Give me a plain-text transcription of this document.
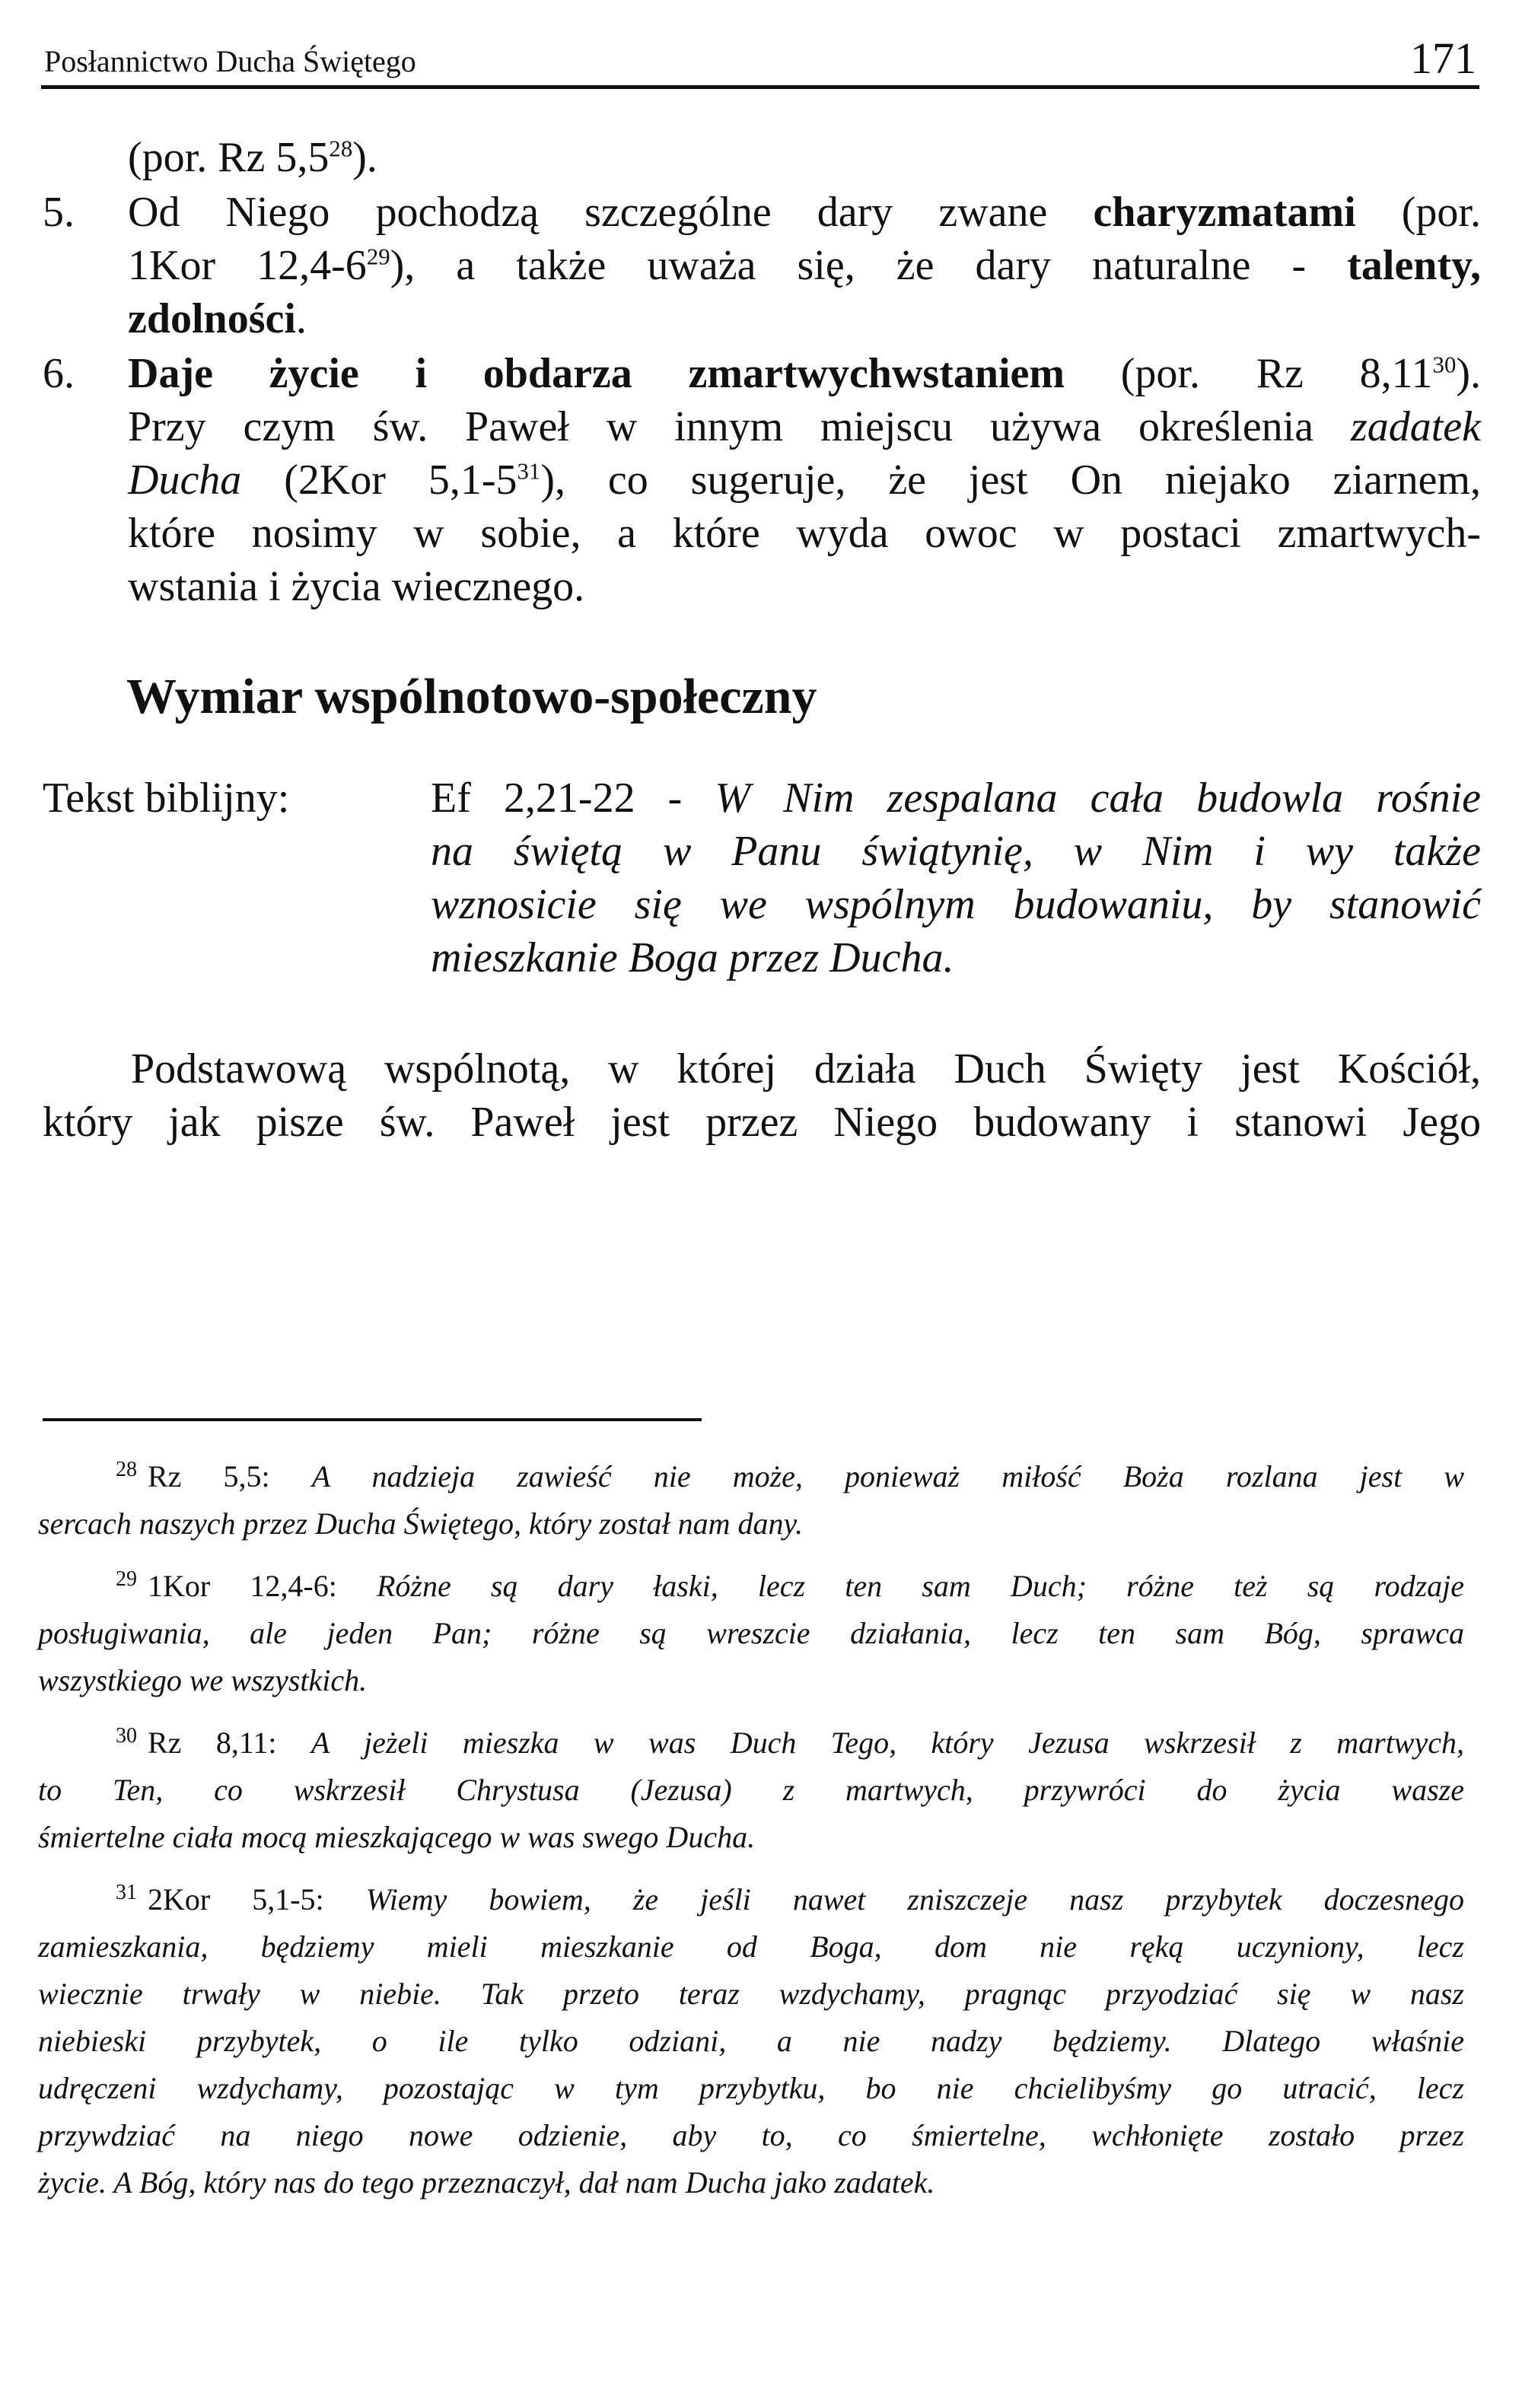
Posłannictwo Ducha Świętego	171
(por. Rz $5,5^{28}$).
5. Od Niego pochodzą szczególne dary zwane charyzmatami (por.
1Kor $12,4-6^{29}$), a także uważa się, że dary naturalne - talenty,
zdolności.
6. Daje życie i obdarza zmartwychwstaniem (por. Rz 8,11$^{30}$).
Przy czym św. Paweł w innym miejscu używa określenia zadatek
Ducha (2Kor $5,1-5^{31}$), co sugeruje, że jest On niejako ziarnem,
które nosimy w sobie, a które wyda owoc w postaci zmartwych-
wstania i życia wiecznego.
Wymiar wspólnotowo-społeczny
Tekst biblijny:	Ef 2,21-22 - W Nim zespalana cała budowla rośnie
na świętą w Panu świątynię, w Nim i wy także
wznosicie się we wspólnym budowaniu, by stanowić
mieszkanie Boga przez Ducha.

Podstawową wspólnotą, w której działa Duch Święty jest Kościół,

który jak pisze św. Paweł jest przez Niego budowany i stanowi Jego

$^{28}$ Rz 5,5: A nadzieja zawieść nie może, ponieważ miłość Boża rozlana jest w

sercach naszych przez Ducha Świętego, który został nam dany.

$^{29}$ 1Kor 12,4-6: Różne są dary łaski, lecz ten sam Duch; różne też są rodzaje

posługiwania, ale jeden Pan; różne są wreszcie działania, lecz ten sam Bóg, sprawca

wszystkiego we wszystkich.

$^{30}$ Rz 8,11: A jeżeli mieszka w was Duch Tego, który Jezusa wskrzesił z martwych,

to Ten, co wskrzesił Chrystusa (Jezusa) z martwych, przywróci do życia wasze

śmiertelne ciała mocą mieszkającego w was swego Ducha.

$^{31}$ 2Kor 5,1-5: Wiemy bowiem, że jeśli nawet zniszczeje nasz przybytek doczesnego

zamieszkania, będziemy mieli mieszkanie od Boga, dom nie ręką uczyniony, lecz

wiecznie trwały w niebie. Tak przeto teraz wzdychamy, pragnąc przyodziać się w nasz

niebieski przybytek, o ile tylko odziani, a nie nadzy będziemy. Dlatego właśnie

udręczeni wzdychamy, pozostając w tym przybytku, bo nie chcielibyśmy go utracić, lecz

przywdziać na niego nowe odzienie, aby to, co śmiertelne, wchłonięte zostało przez

życie. A Bóg, który nas do tego przeznaczył, dał nam Ducha jako zadatek.
